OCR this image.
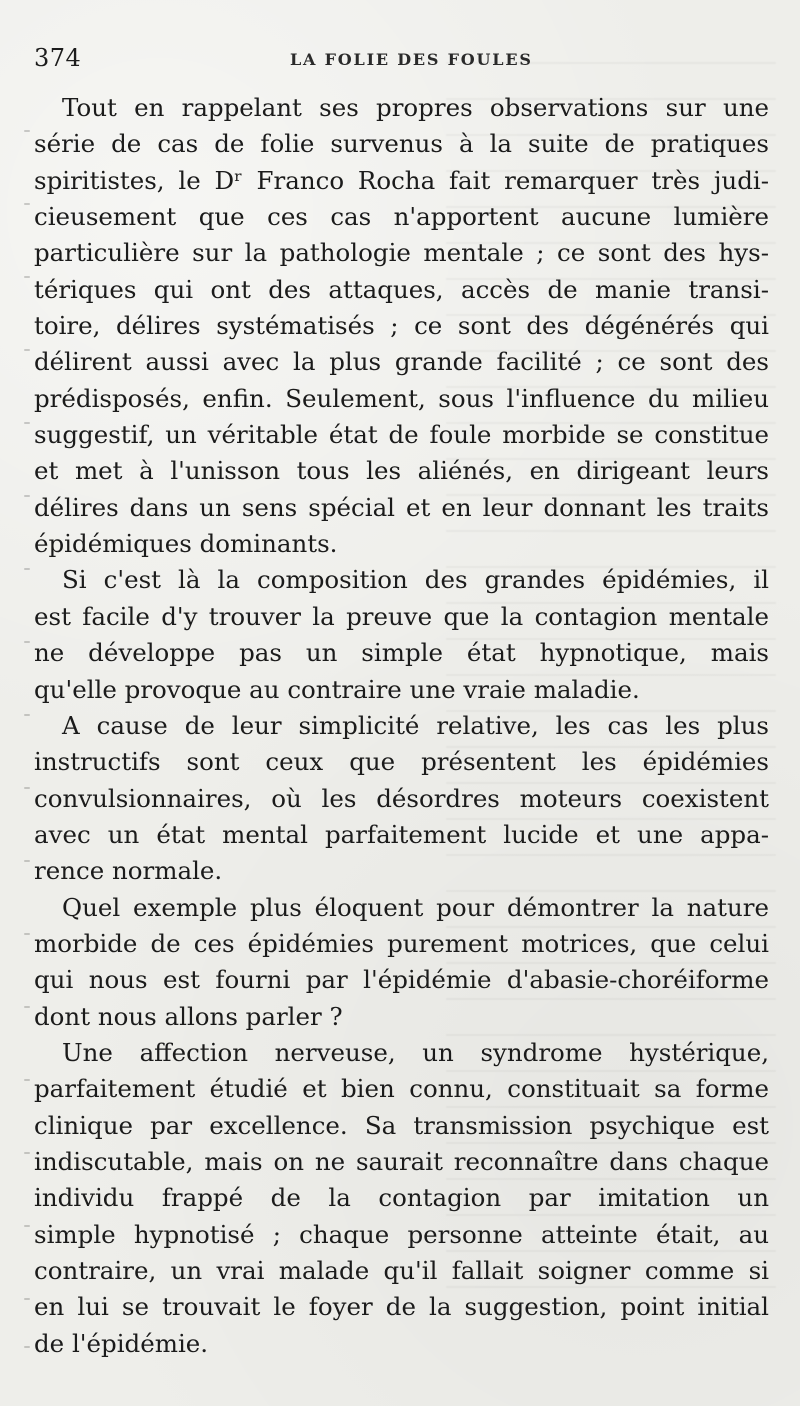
374	LA FOLIE DES FOULES

Tout en rappelant ses propres observations sur une
série de cas de folie survenus à la suite de pratiques
spiritistes, le Dʳ Franco Rocha fait remarquer très judi-
cieusement que ces cas n'apportent aucune lumière
particulière sur la pathologie mentale ; ce sont des hys-
tériques qui ont des attaques, accès de manie transi-
toire, délires systématisés ; ce sont des dégénérés qui
délirent aussi avec la plus grande facilité ; ce sont des
prédisposés, enfin. Seulement, sous l'influence du milieu
suggestif, un véritable état de foule morbide se constitue
et met à l'unisson tous les aliénés, en dirigeant leurs
délires dans un sens spécial et en leur donnant les traits
épidémiques dominants.

Si c'est là la composition des grandes épidémies, il
est facile d'y trouver la preuve que la contagion mentale
ne développe pas un simple état hypnotique, mais
qu'elle provoque au contraire une vraie maladie.

A cause de leur simplicité relative, les cas les plus
instructifs sont ceux que présentent les épidémies
convulsionnaires, où les désordres moteurs coexistent
avec un état mental parfaitement lucide et une appa-
rence normale.

Quel exemple plus éloquent pour démontrer la nature
morbide de ces épidémies purement motrices, que celui
qui nous est fourni par l'épidémie d'abasie-choréiforme
dont nous allons parler ?

Une affection nerveuse, un syndrome hystérique,
parfaitement étudié et bien connu, constituait sa forme
clinique par excellence. Sa transmission psychique est
indiscutable, mais on ne saurait reconnaître dans chaque
individu frappé de la contagion par imitation un
simple hypnotisé ; chaque personne atteinte était, au
contraire, un vrai malade qu'il fallait soigner comme si
en lui se trouvait le foyer de la suggestion, point initial
de l'épidémie.
